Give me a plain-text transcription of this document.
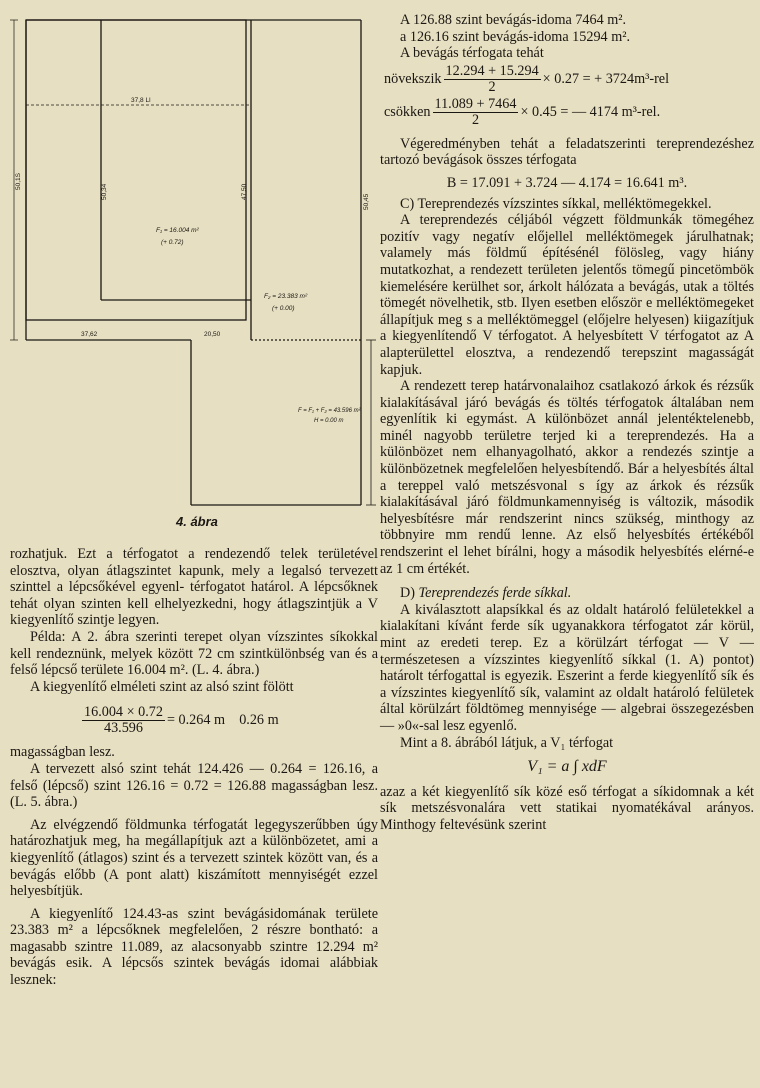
50,1S
50,45
37,8 Ll
50,34
F₁ = 16.004 m²
(+ 0.72)
F₂ = 23.383 m²
(+ 0.00)
37,62	20,50
47,50
F = F₁ + F₂ = 43.596 m²
H = 0.00 m
4. ábra

rozhatjuk. Ezt a térfogatot a rendezendő telek területével elosztva, olyan átlagszintet kapunk, mely a legalsó tervezett szinttel a lépcsőkével egyenl- térfogatot határol. A lépcsőknek tehát olyan szinten kell elhelyezkedni, hogy átlagszintjük a V kiegyenlítő szintje legyen.

Példa: A 2. ábra szerinti terepet olyan vízszintes síkokkal kell rendeznünk, melyek között 72 cm szintkülönbség van és a felső lépcső területe 16.004 m². (L. 4. ábra.)

A kiegyenlítő elméleti szint az alsó szint fölött

$\frac{16.004 \times 0.72}{43.596} = 0.264$ m    0.26 m

magasságban lesz.

A tervezett alsó szint tehát 124.426 — 0.264 = 126.16, a felső (lépcső) szint 126.16 = 0.72 = 126.88 magasságban lesz. (L. 5. ábra.)

Az elvégzendő földmunka térfogatát legegyszerűbben úgy határozhatjuk meg, ha megállapítjuk azt a különbözetet, ami a kiegyenlítő (átlagos) szint és a tervezett szintek között van, és a bevágás előbb (A pont alatt) kiszámított mennyiségét ezzel helyesbítjük.

A kiegyenlítő 124.43-as szint bevágásidomának területe 23.383 m² a lépcsőknek megfelelően, 2 részre bontható: a magasabb szintre 11.089, az alacsonyabb szintre 12.294 m² bevágás esik. A lépcsős szintek bevágás idomai alábbiak lesznek:

A 126.88 szint bevágás-idoma 7464 m².

a 126.16 szint bevágás-idoma 15294 m².

A bevágás térfogata tehát

növekszik $\frac{12.294 + 15.294}{2} \times 0.27$ = + 3724m³-rel
csökken $\frac{11.089 + 7464}{2} \times 0.45$ = — 4174 m³-rel.

Végeredményben tehát a feladatszerinti tereprendezéshez tartozó bevágások összes térfogata

B = 17.091 + 3.724 — 4.174 = 16.641 m³.

C) Tereprendezés vízszintes síkkal, melléktömegekkel.

A tereprendezés céljából végzett földmunkák tömegéhez pozitív vagy negatív előjellel melléktömegek járulhatnak; valamely más földmű építésénél fölösleg, vagy hiány mutatkozhat, a rendezett területen jelentős tömegű pincetömbök kiemelésére kerülhet sor, árkolt hálózata a bevágás, utak a töltés tömegét növelhetik, stb. Ilyen esetben először e melléktömegeket állapítjuk meg s a melléktömeggel (előjelre helyesen) kiigazítjuk a kiegyenlítendő V térfogatot. A helyesbített V térfogatot az A alapterülettel elosztva, a rendezendő terepszint magasságát kapjuk.

A rendezett terep határvonalaihoz csatlakozó árkok és rézsűk kialakításával járó bevágás és töltés térfogatok általában nem egyenlítik ki egymást. A különbözet annál jelentéktelenebb, minél nagyobb területre terjed ki a tereprendezés. Ha a különbözet nem elhanyagolható, akkor a rendezés szintje a különbözetnek megfelelően helyesbítendő. Bár a helyesbítés által a tereppel való metszésvonal s így az árkok és rézsűk kialakításával járó földmunkamennyiség is változik, második helyesbítésre már rendszerint nincs szükség, minthogy az többnyire mm rendű lenne. Az első helyesbítés értékéből rendszerint el lehet bírálni, hogy a második helyesbítés elérné-e az 1 cm értékét.

D) Tereprendezés ferde síkkal.

A kiválasztott alapsíkkal és az oldalt határoló felületekkel a kialakítani kívánt ferde sík ugyanakkora térfogatot zár körül, mint az eredeti terep. Ez a körülzárt térfogat — V — természetesen a vízszintes kiegyenlítő síkkal (1. A) pontot) határolt térfogattal is egyezik. Eszerint a ferde kiegyenlítő sík és a vízszintes kiegyenlítő sík, valamint az oldalt határoló felületek által körülzárt földtömeg mennyisége — algebrai összegezésben — »0«-sal lesz egyenlő.

Mint a 8. ábrából látjuk, a V₁ térfogat

V₁ = a ∫ xdF

azaz a két kiegyenlítő sík közé eső térfogat a síkidomnak a két sík metszésvonalára vett statikai nyomatékával arányos. Minthogy feltevésünk szerint
